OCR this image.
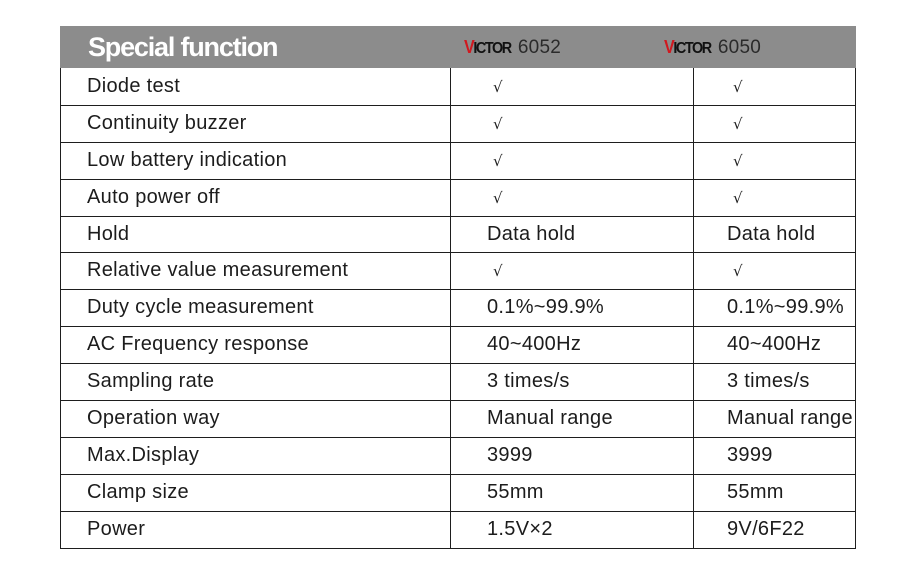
Special function	VICTOR 6052	VICTOR 6050
Diode test	√	√
Continuity buzzer	√	√
Low battery indication	√	√
Auto power off	√	√
Hold	Data hold	Data hold
Relative value measurement	√	√
Duty cycle measurement	0.1%~99.9%	0.1%~99.9%
AC Frequency response	40~400Hz	40~400Hz
Sampling rate	3 times/s	3 times/s
Operation way	Manual range	Manual range
Max.Display	3999	3999
Clamp size	55mm	55mm
Power	1.5V×2	9V/6F22
